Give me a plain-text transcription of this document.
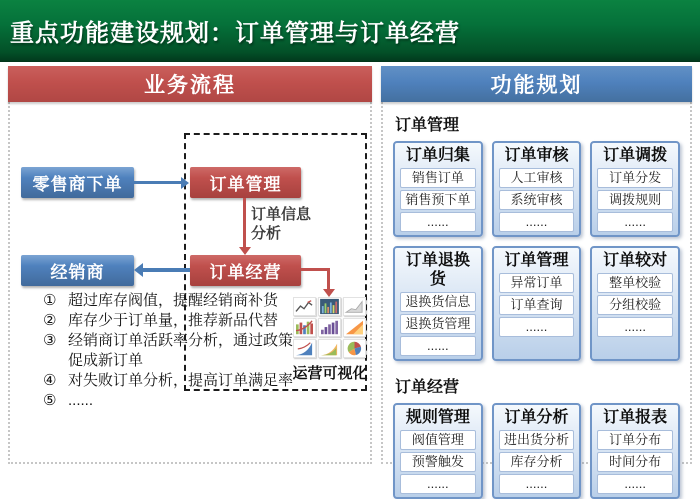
重点功能建设规划：订单管理与订单经营
业务流程
零售商下单	订单管理
经销商	订单经营
订单信息
分析
① 超过库存阀值，提醒经销商补货
② 库存少于订单量，推荐新品代替
③ 经销商订单活跃率分析，通过政策促成新订单
④ 对失败订单分析，提高订单满足率
⑤ ......
运营可视化
功能规划
订单管理
订单归集
销售订单
销售预下单
......
订单审核
人工审核
系统审核
......
订单调拨
订单分发
调拨规则
......
订单退换货
退换货信息
退换货管理
......
订单管理
异常订单
订单查询
......
订单较对
整单校验
分组校验
......
订单经营
规则管理
阀值管理
预警触发
......
订单分析
进出货分析
库存分析
......
订单报表
订单分布
时间分布
......
